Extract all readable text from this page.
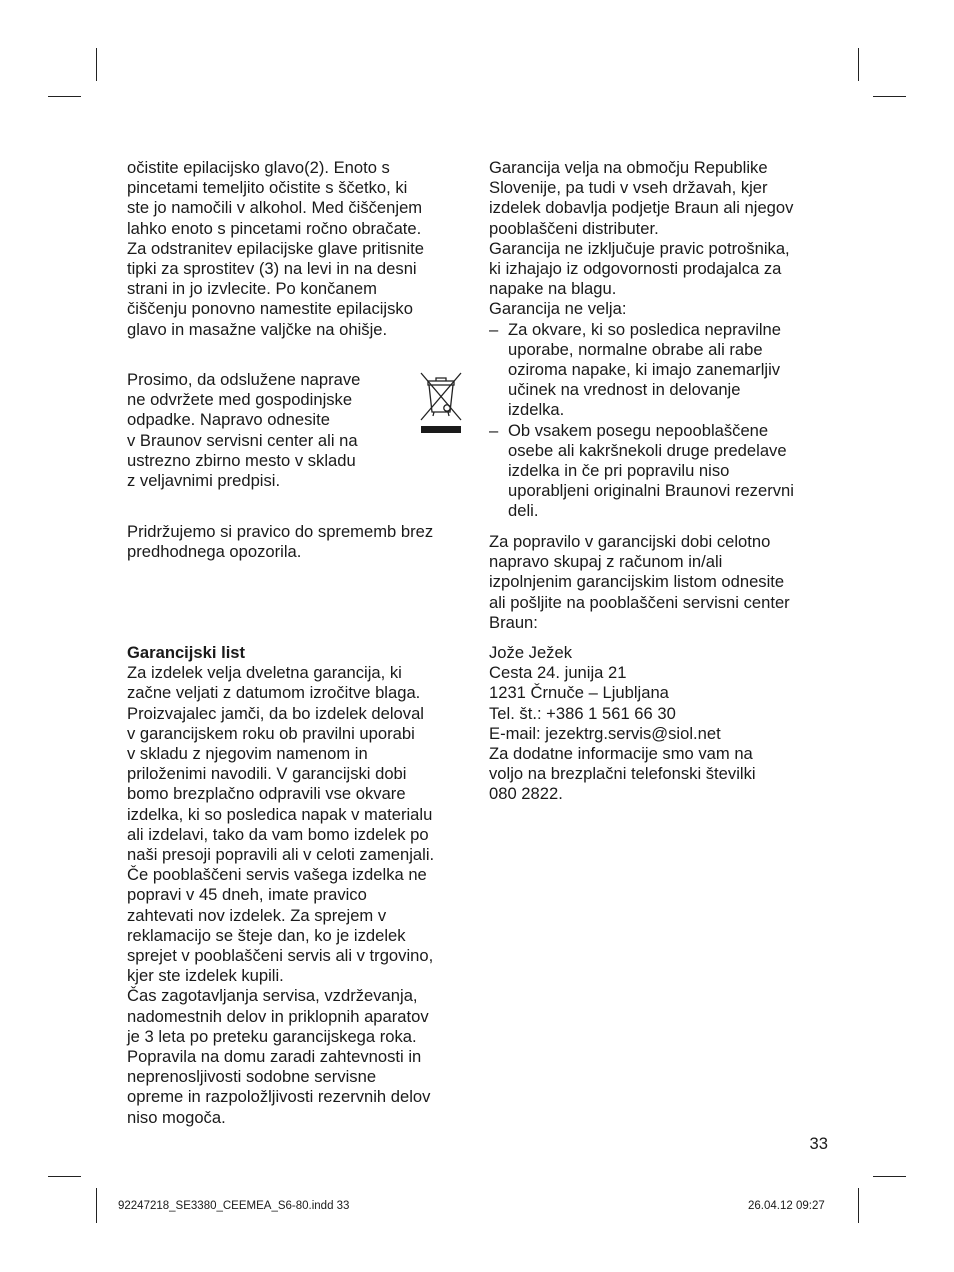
očistite epilacijsko glavo(2). Enoto s

pincetami temeljito očistite s ščetko, ki

ste jo namočili v alkohol. Med čiščenjem

lahko enoto s pincetami ročno obračate.

Za odstranitev epilacijske glave pritisnite

tipki za sprostitev (3) na levi in na desni

strani in jo izvlecite. Po končanem

čiščenju ponovno namestite epilacijsko

glavo in masažne valjčke na ohišje.

Prosimo, da odslužene naprave

ne odvržete med gospodinjske

odpadke. Napravo odnesite

v Braunov servisni center ali na

ustrezno zbirno mesto v skladu

z veljavnimi predpisi.

Pridržujemo si pravico do sprememb brez

predhodnega opozorila.

Garancijski list

Za izdelek velja dveletna garancija, ki

začne veljati z datumom izročitve blaga.

Proizvajalec jamči, da bo izdelek deloval

v garancijskem roku ob pravilni uporabi

v skladu z njegovim namenom in

priloženimi navodili. V garancijski dobi

bomo brezplačno odpravili vse okvare

izdelka, ki so posledica napak v materialu

ali izdelavi, tako da vam bomo izdelek po

naši presoji popravili ali v celoti zamenjali.

Če pooblaščeni servis vašega izdelka ne

popravi v 45 dneh, imate pravico

zahtevati nov izdelek. Za sprejem v

reklamacijo se šteje dan, ko je izdelek

sprejet v pooblaščeni servis ali v trgovino,

kjer ste izdelek kupili.

Čas zagotavljanja servisa, vzdrževanja,

nadomestnih delov in priklopnih aparatov

je 3 leta po preteku garancijskega roka.

Popravila na domu zaradi zahtevnosti in

neprenosljivosti sodobne servisne

opreme in razpoložljivosti rezervnih delov

niso mogoča.

Garancija velja na območju Republike

Slovenije, pa tudi v vseh državah, kjer

izdelek dobavlja podjetje Braun ali njegov

pooblaščeni distributer.

Garancija ne izključuje pravic potrošnika,

ki izhajajo iz odgovornosti prodajalca za

napake na blagu.

Garancija ne velja:

– Za okvare, ki so posledica nepravilne

uporabe, normalne obrabe ali rabe

oziroma napake, ki imajo zanemarljiv

učinek na vrednost in delovanje

izdelka.

– Ob vsakem posegu nepooblaščene

osebe ali kakršnekoli druge predelave

izdelka in če pri popravilu niso

uporabljeni originalni Braunovi rezervni

deli.

Za popravilo v garancijski dobi celotno

napravo skupaj z računom in/ali

izpolnjenim garancijskim listom odnesite

ali pošljite na pooblaščeni servisni center

Braun:

Jože Ježek

Cesta 24. junija 21

1231 Črnuče – Ljubljana

Tel. št.: +386 1 561 66 30

E-mail: jezektrg.servis@siol.net

Za dodatne informacije smo vam na

voljo na brezplačni telefonski številki

080 2822.

33
92247218_SE3380_CEEMEA_S6-80.indd 33	26.04.12 09:27
